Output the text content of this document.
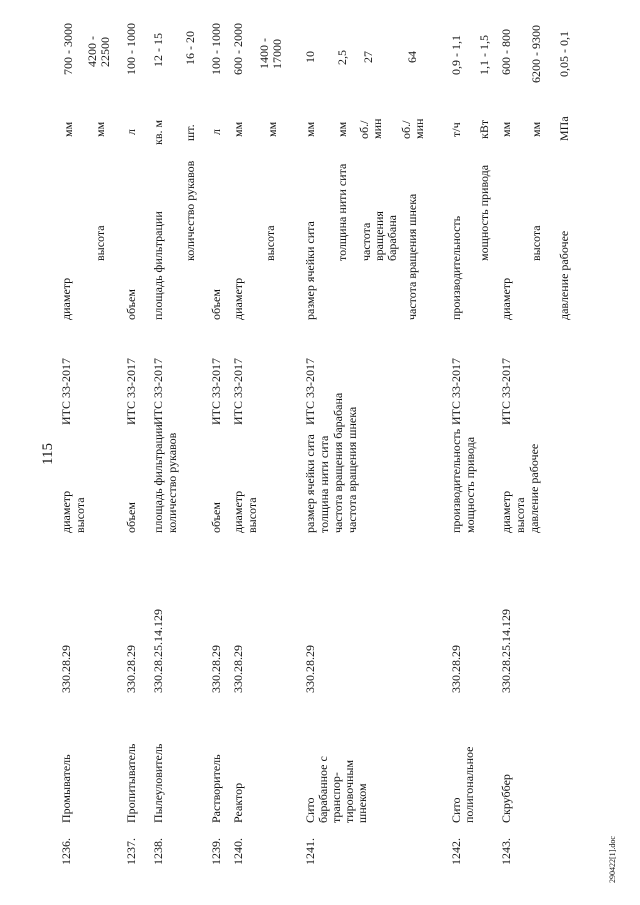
115
1236.
Промыватель
330.28.29
диаметр высота
ИТС 33-2017
диаметр
мм
700 - 3000
высота
мм
4200 - 22500
1237.
Пропитыватель
330.28.29
объем
ИТС 33-2017
объем
л
100 - 1000
1238.
Пылеуловитель
330.28.25.14.129
площадь фильтрации количество рукавов
ИТС 33-2017
площадь фильтрации
кв. м
12 - 15
количество рукавов
шт.
16 - 20
1239.
Растворитель
330.28.29
объем
ИТС 33-2017
объем
л
100 - 1000
1240.
Реактор
330.28.29
диаметр высота
ИТС 33-2017
диаметр
мм
600 - 2000
высота
мм
1400 - 17000
1241.
Сито барабанное с транспор-тировочным шнеком
330.28.29
размер ячейки сита толщина нити сита частота вращения барабана частота вращения шнека
ИТС 33-2017
размер ячейки сита
мм
10
толщина нити сита
мм
2,5
частота вращения барабана
об./ мин
27
частота вращения шнека
об./ мин
64
1242.
Сито полигональное
330.28.29
производительность мощность привода
ИТС 33-2017
производительность
т/ч
0,9 - 1,1
мощность привода
кВт
1,1 - 1,5
1243.
Скруббер
330.28.25.14.129
диаметр высота давление рабочее
ИТС 33-2017
диаметр
мм
600 - 800
высота
мм
6200 - 9300
давление рабочее
МПа
0,05 - 0,1
290422[1].doc
